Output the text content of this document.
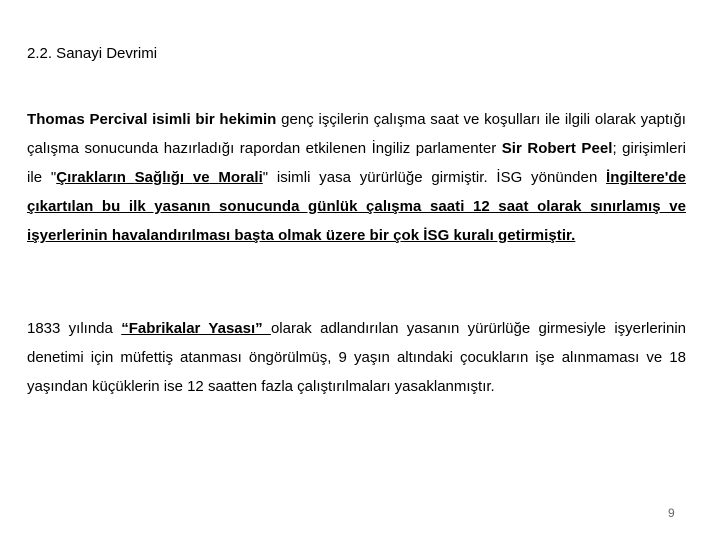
2.2. Sanayi Devrimi
Thomas Percival isimli bir hekimin genç işçilerin çalışma saat ve koşulları ile ilgili olarak yaptığı çalışma sonucunda hazırladığı rapordan etkilenen İngiliz parlamenter Sir Robert Peel; girişimleri ile "Çırakların Sağlığı ve Morali" isimli yasa yürürlüğe girmiştir. İSG yönünden İngiltere'de çıkartılan bu ilk yasanın sonucunda günlük çalışma saati 12 saat olarak sınırlamış ve işyerlerinin havalandırılması başta olmak üzere bir çok İSG kuralı getirmiştir.
1833 yılında “Fabrikalar Yasası” olarak adlandırılan yasanın yürürlüğe girmesiyle işyerlerinin denetimi için müfettiş atanması öngörülmüş, 9 yaşın altındaki çocukların işe alınmaması ve 18 yaşından küçüklerin ise 12 saatten fazla çalıştırılmaları yasaklanmıştır.
9
